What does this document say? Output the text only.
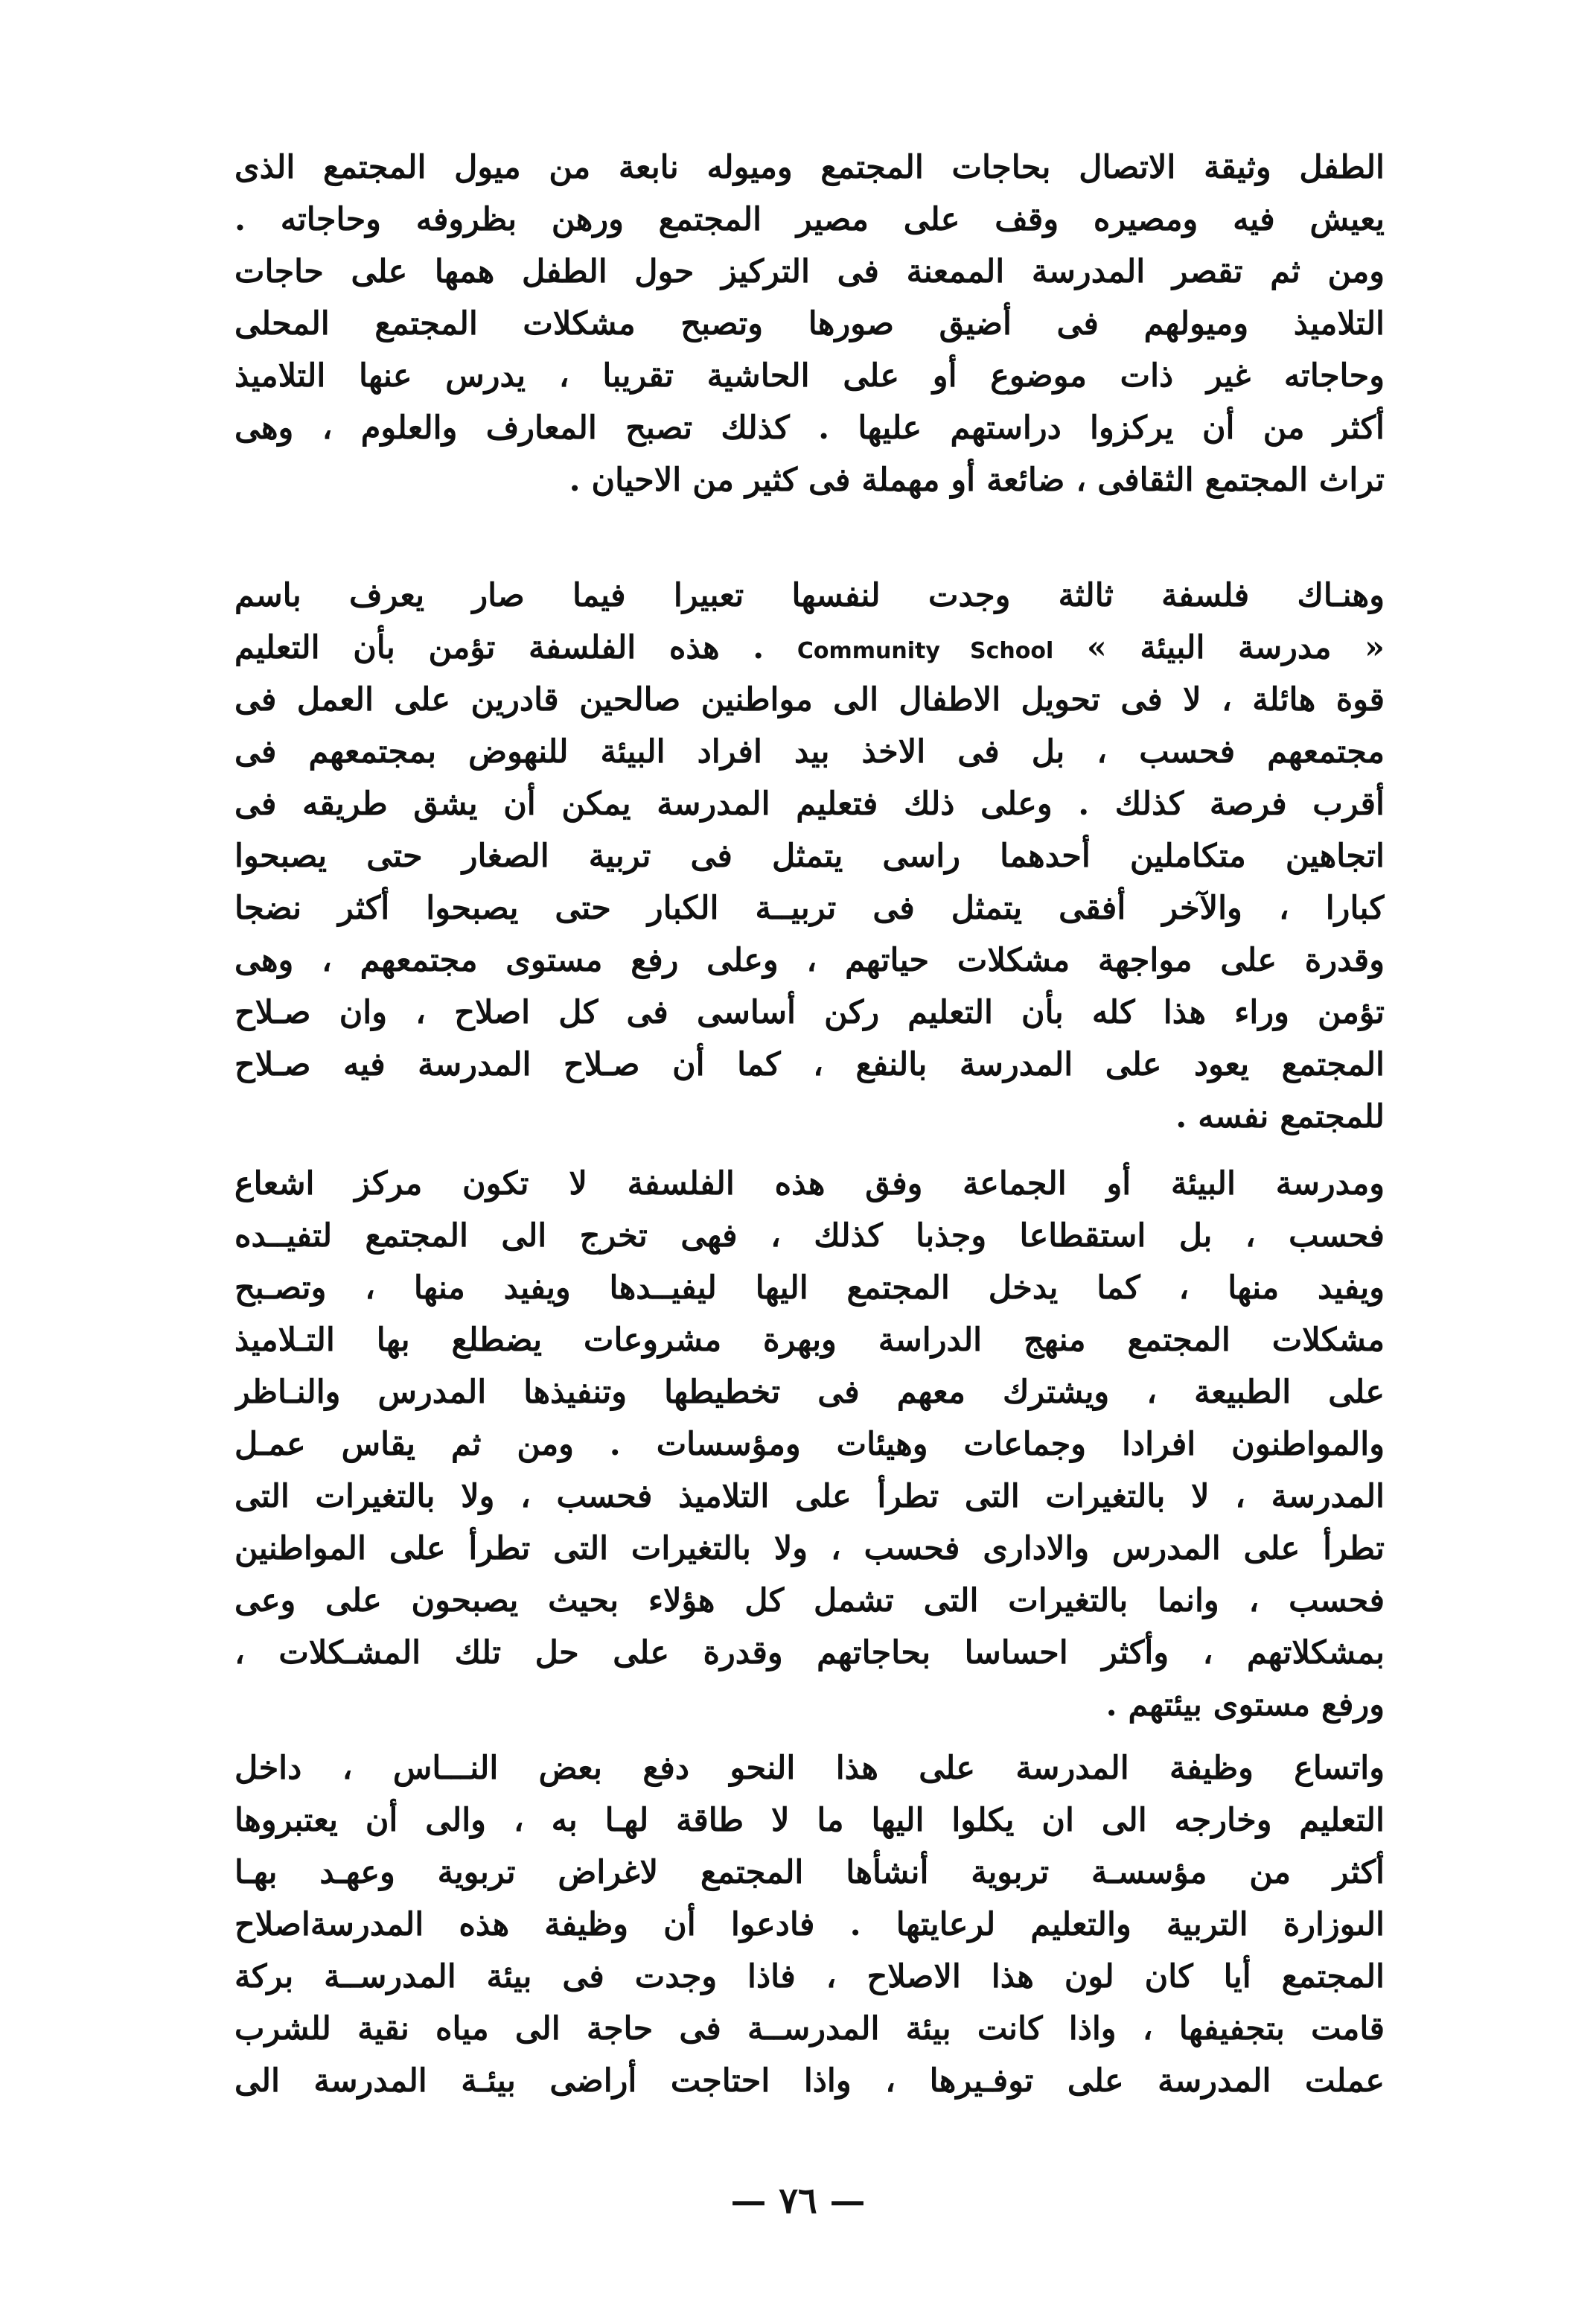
الطفل وثيقة الاتصال بحاجات المجتمع وميوله نابعة من ميول المجتمع الذى
يعيش فيه ومصيره وقف على مصير المجتمع ورهن بظروفه وحاجاته .
ومن ثم تقصر المدرسة الممعنة فى التركيز حول الطفل همها على حاجات
التلاميذ وميولهم فى أضيق صورها وتصبح مشكلات المجتمع المحلى
وحاجاته غير ذات موضوع أو على الحاشية تقريبا ، يدرس عنها التلاميذ
أكثر من أن يركزوا دراستهم عليها . كذلك تصبح المعارف والعلوم ، وهى
تراث المجتمع الثقافى ، ضائعة أو مهملة فى كثير من الاحيان .
وهنـاك فلسفة ثالثة وجدت لنفسها تعبيرا فيما صار يعرف باسم
« مدرسة البيئة » Community School . هذه الفلسفة تؤمن بأن التعليم
قوة هائلة ، لا فى تحويل الاطفال الى مواطنين صالحين قادرين على العمل فى
مجتمعهم فحسب ، بل فى الاخذ بيد افراد البيئة للنهوض بمجتمعهم فى
أقرب فرصة كذلك . وعلى ذلك فتعليم المدرسة يمكن أن يشق طريقه فى
اتجاهين متكاملين أحدهما راسى يتمثل فى تربية الصغار حتى يصبحوا
كبارا ، والآخر أفقى يتمثل فى تربيــة الكبار حتى يصبحوا أكثر نضجا
وقدرة على مواجهة مشكلات حياتهم ، وعلى رفع مستوى مجتمعهم ، وهى
تؤمن وراء هذا كله بأن التعليم ركن أساسى فى كل اصلاح ، وان صـلاح
المجتمع يعود على المدرسة بالنفع ، كما أن صـلاح المدرسة فيه صـلاح
للمجتمع نفسه .
ومدرسة البيئة أو الجماعة وفق هذه الفلسفة لا تكون مركز اشعاع
فحسب ، بل استقطاعا وجذبا كذلك ، فهى تخرج الى المجتمع لتفيــده
ويفيد منها ، كما يدخل المجتمع اليها ليفيــدها ويفيد منها ، وتصـبح
مشكلات المجتمع منهج الدراسة وبهرة مشروعات يضطلع بها التـلاميذ
على الطبيعة ، ويشترك معهم فى تخطيطها وتنفيذها المدرس والنـاظر
والمواطنون افرادا وجماعات وهيئات ومؤسسات . ومن ثم يقاس عمـل
المدرسة ، لا بالتغيرات التى تطرأ على التلاميذ فحسب ، ولا بالتغيرات التى
تطرأ على المدرس والادارى فحسب ، ولا بالتغيرات التى تطرأ على المواطنين
فحسب ، وانما بالتغيرات التى تشمل كل هؤلاء بحيث يصبحون على وعى
بمشكلاتهم ، وأكثر احساسا بحاجاتهم وقدرة على حل تلك المشـكلات ،
ورفع مستوى بيئتهم .
واتساع وظيفة المدرسة على هذا النحو دفع بعض النـــاس ، داخل
التعليم وخارجه الى ان يكلوا اليها ما لا طاقة لهـا به ، والى أن يعتبروها
أكثر من مؤسسـة تربوية أنشأها المجتمع لاغراض تربوية وعهـد بهـا
الىوزارة التربية والتعليم لرعايتها . فادعوا أن وظيفة هذه المدرسةاصلاح
المجتمع أيا كان لون هذا الاصلاح ، فاذا وجدت فى بيئة المدرســة بركة
قامت بتجفيفها ، واذا كانت بيئة المدرســة فى حاجة الى مياه نقية للشرب
عملت المدرسة على توفـيرها ، واذا احتاجت أراضى بيئـة المدرسة الى
— ٧٦ —
